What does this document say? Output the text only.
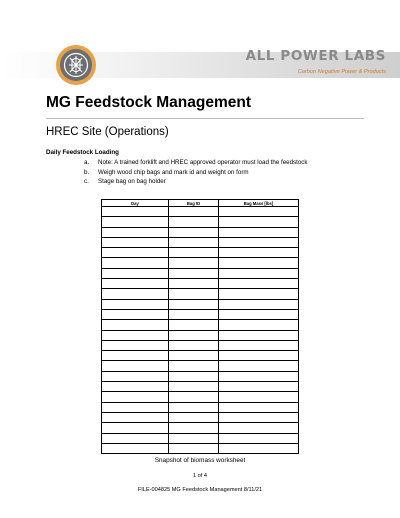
ALL POWER LABS
Carbon Negative Power & Products
MG Feedstock Management
HREC Site (Operations)
Daily Feedstock Loading
a. Note: A trained forklift and HREC approved operator must load the feedstock
b. Weigh wood chip bags and mark id and weight on form
c. Stage bag on bag holder
Day	Bag ID	Bag Mass [lbs]

Snapshot of biomass worksheet
1 of 4
FILE-004825 MG Feedstock Management 8/11/21
